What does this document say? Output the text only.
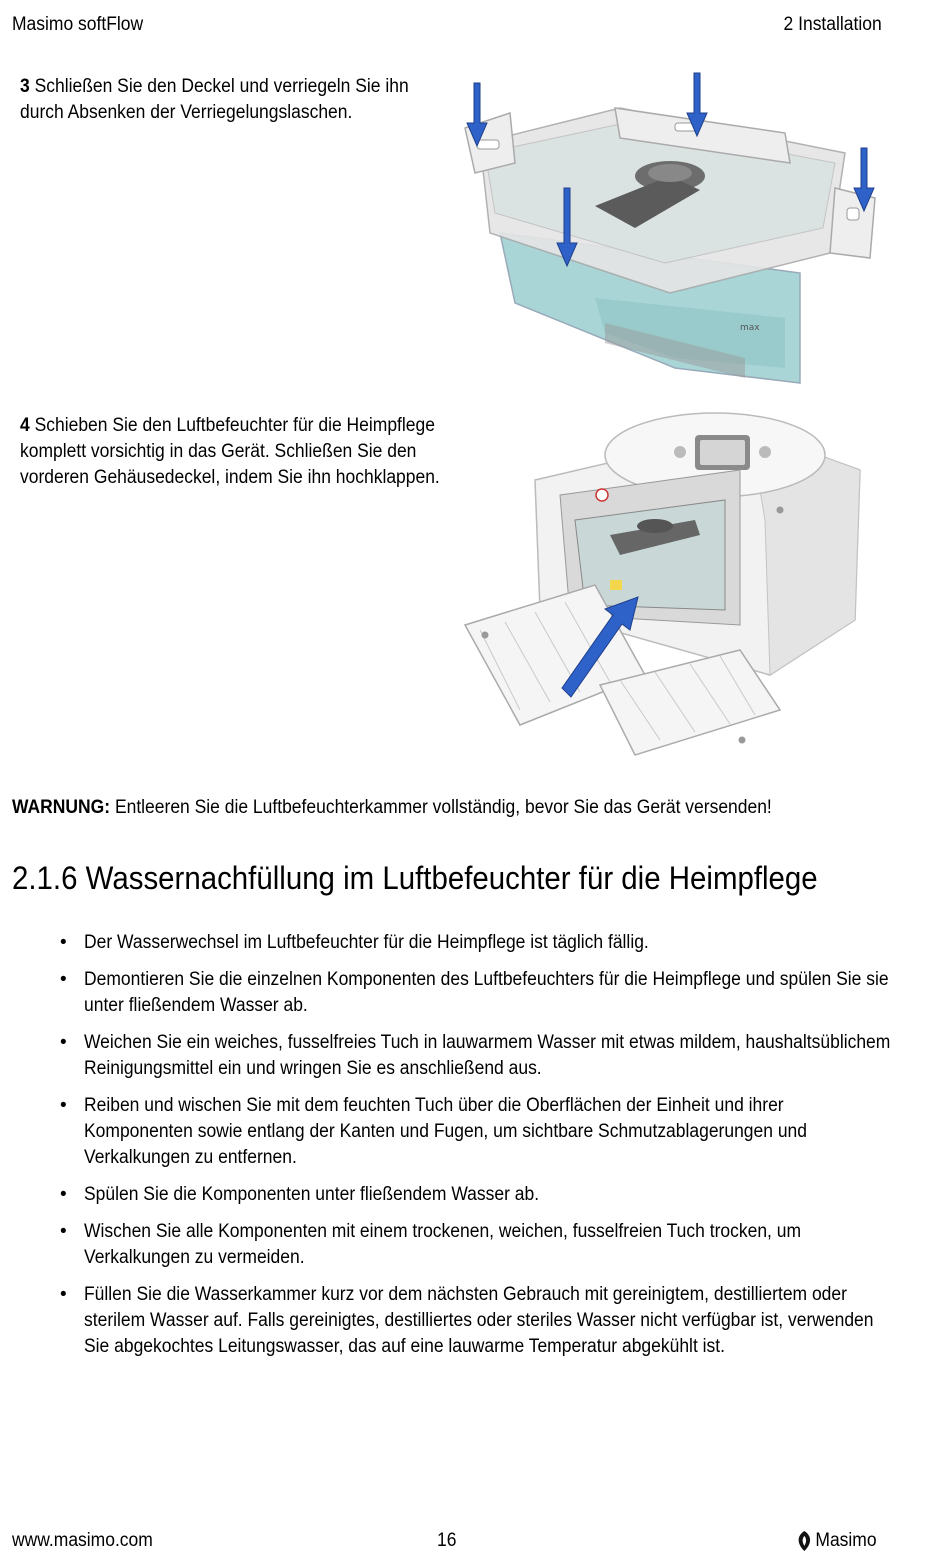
Masimo softFlow	2 Installation
3 Schließen Sie den Deckel und verriegeln Sie ihn durch Absenken der Verriegelungslaschen.
max
4 Schieben Sie den Luftbefeuchter für die Heimpflege komplett vorsichtig in das Gerät. Schließen Sie den vorderen Gehäusedeckel, indem Sie ihn hochklappen.
WARNUNG: Entleeren Sie die Luftbefeuchterkammer vollständig, bevor Sie das Gerät versenden!
2.1.6 Wassernachfüllung im Luftbefeuchter für die Heimpflege
• Der Wasserwechsel im Luftbefeuchter für die Heimpflege ist täglich fällig.
• Demontieren Sie die einzelnen Komponenten des Luftbefeuchters für die Heimpflege und spülen Sie sie unter fließendem Wasser ab.
• Weichen Sie ein weiches, fusselfreies Tuch in lauwarmem Wasser mit etwas mildem, haushaltsüblichem Reinigungsmittel ein und wringen Sie es anschließend aus.
• Reiben und wischen Sie mit dem feuchten Tuch über die Oberflächen der Einheit und ihrer Komponenten sowie entlang der Kanten und Fugen, um sichtbare Schmutzablagerungen und Verkalkungen zu entfernen.
• Spülen Sie die Komponenten unter fließendem Wasser ab.
• Wischen Sie alle Komponenten mit einem trockenen, weichen, fusselfreien Tuch trocken, um Verkalkungen zu vermeiden.
• Füllen Sie die Wasserkammer kurz vor dem nächsten Gebrauch mit gereinigtem, destilliertem oder sterilem Wasser auf. Falls gereinigtes, destilliertes oder steriles Wasser nicht verfügbar ist, verwenden Sie abgekochtes Leitungswasser, das auf eine lauwarme Temperatur abgekühlt ist.
www.masimo.com	16	Masimo
